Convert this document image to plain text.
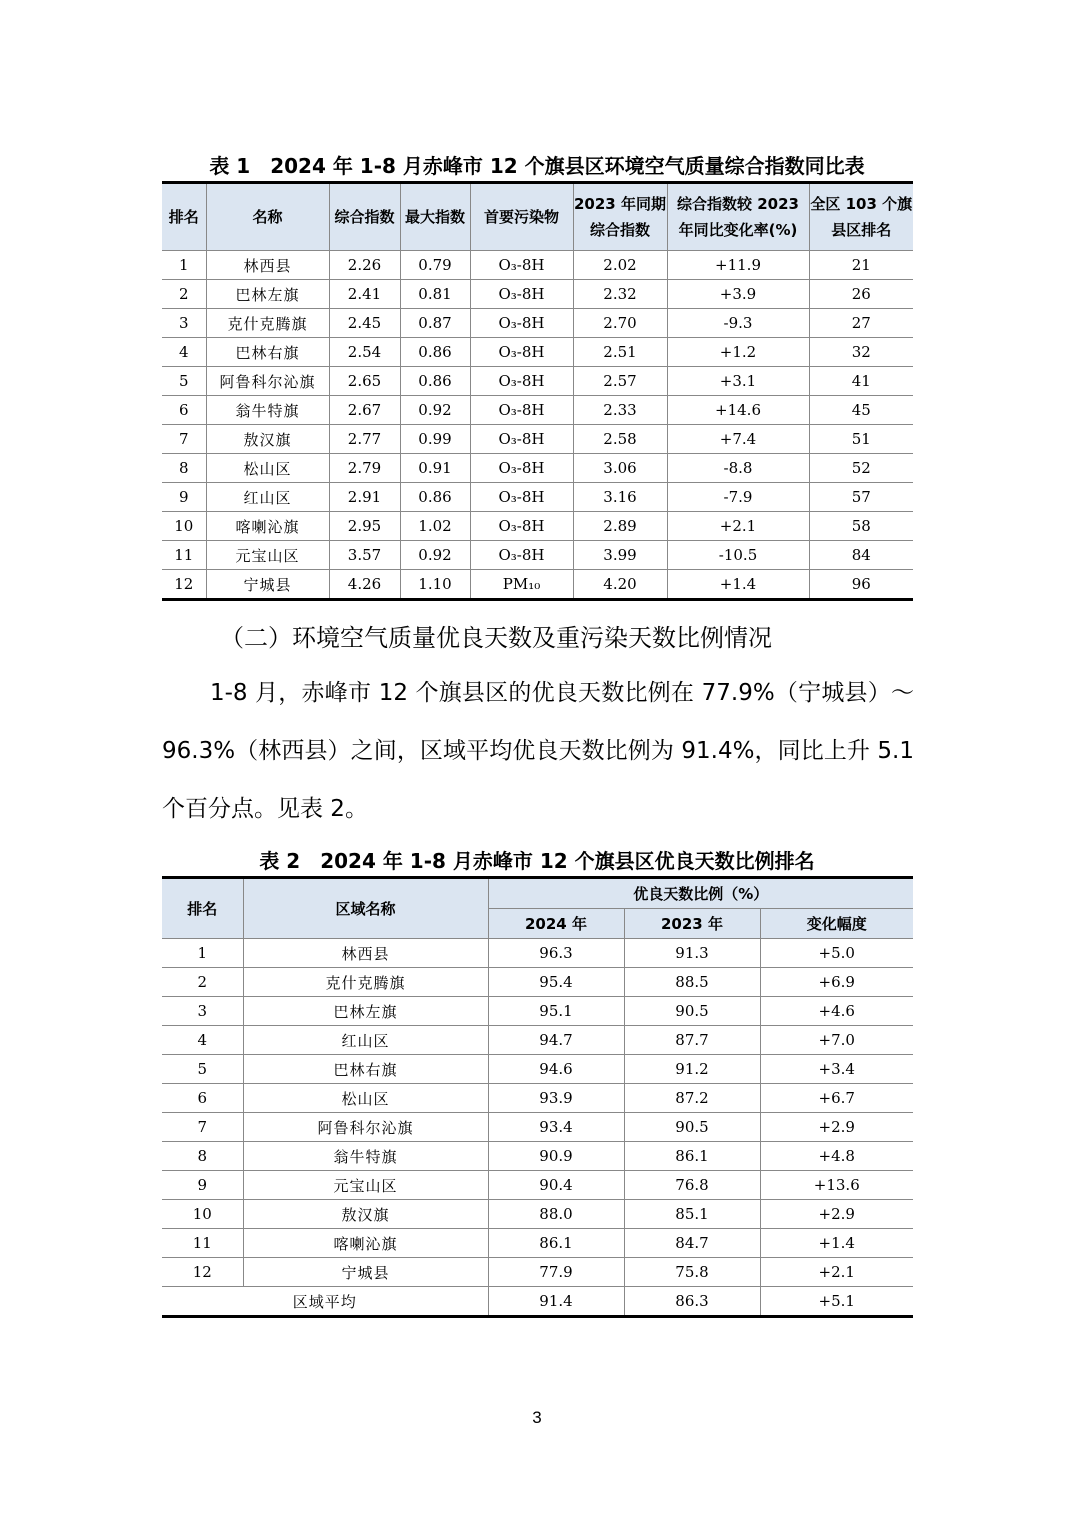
表 1　2024 年 1-8 月赤峰市 12 个旗县区环境空气质量综合指数同比表
排名	名称	综合指数	最大指数	首要污染物	2023 年同期综合指数	综合指数较 2023 年同比变化率(%)	全区 103 个旗县区排名
1	林西县	2.26	0.79	O₃-8H	2.02	+11.9	21
2	巴林左旗	2.41	0.81	O₃-8H	2.32	+3.9	26
3	克什克腾旗	2.45	0.87	O₃-8H	2.70	-9.3	27
4	巴林右旗	2.54	0.86	O₃-8H	2.51	+1.2	32
5	阿鲁科尔沁旗	2.65	0.86	O₃-8H	2.57	+3.1	41
6	翁牛特旗	2.67	0.92	O₃-8H	2.33	+14.6	45
7	敖汉旗	2.77	0.99	O₃-8H	2.58	+7.4	51
8	松山区	2.79	0.91	O₃-8H	3.06	-8.8	52
9	红山区	2.91	0.86	O₃-8H	3.16	-7.9	57
10	喀喇沁旗	2.95	1.02	O₃-8H	2.89	+2.1	58
11	元宝山区	3.57	0.92	O₃-8H	3.99	-10.5	84
12	宁城县	4.26	1.10	PM₁₀	4.20	+1.4	96
（二）环境空气质量优良天数及重污染天数比例情况
1-8 月，赤峰市 12 个旗县区的优良天数比例在 77.9%（宁城县）～96.3%（林西县）之间，区域平均优良天数比例为 91.4%，同比上升 5.1 个百分点。见表 2。
表 2　2024 年 1-8 月赤峰市 12 个旗县区优良天数比例排名
排名	区域名称	优良天数比例（%）		
		2024 年	2023 年	变化幅度
1	林西县	96.3	91.3	+5.0
2	克什克腾旗	95.4	88.5	+6.9
3	巴林左旗	95.1	90.5	+4.6
4	红山区	94.7	87.7	+7.0
5	巴林右旗	94.6	91.2	+3.4
6	松山区	93.9	87.2	+6.7
7	阿鲁科尔沁旗	93.4	90.5	+2.9
8	翁牛特旗	90.9	86.1	+4.8
9	元宝山区	90.4	76.8	+13.6
10	敖汉旗	88.0	85.1	+2.9
11	喀喇沁旗	86.1	84.7	+1.4
12	宁城县	77.9	75.8	+2.1
区域平均		91.4	86.3	+5.1
3
